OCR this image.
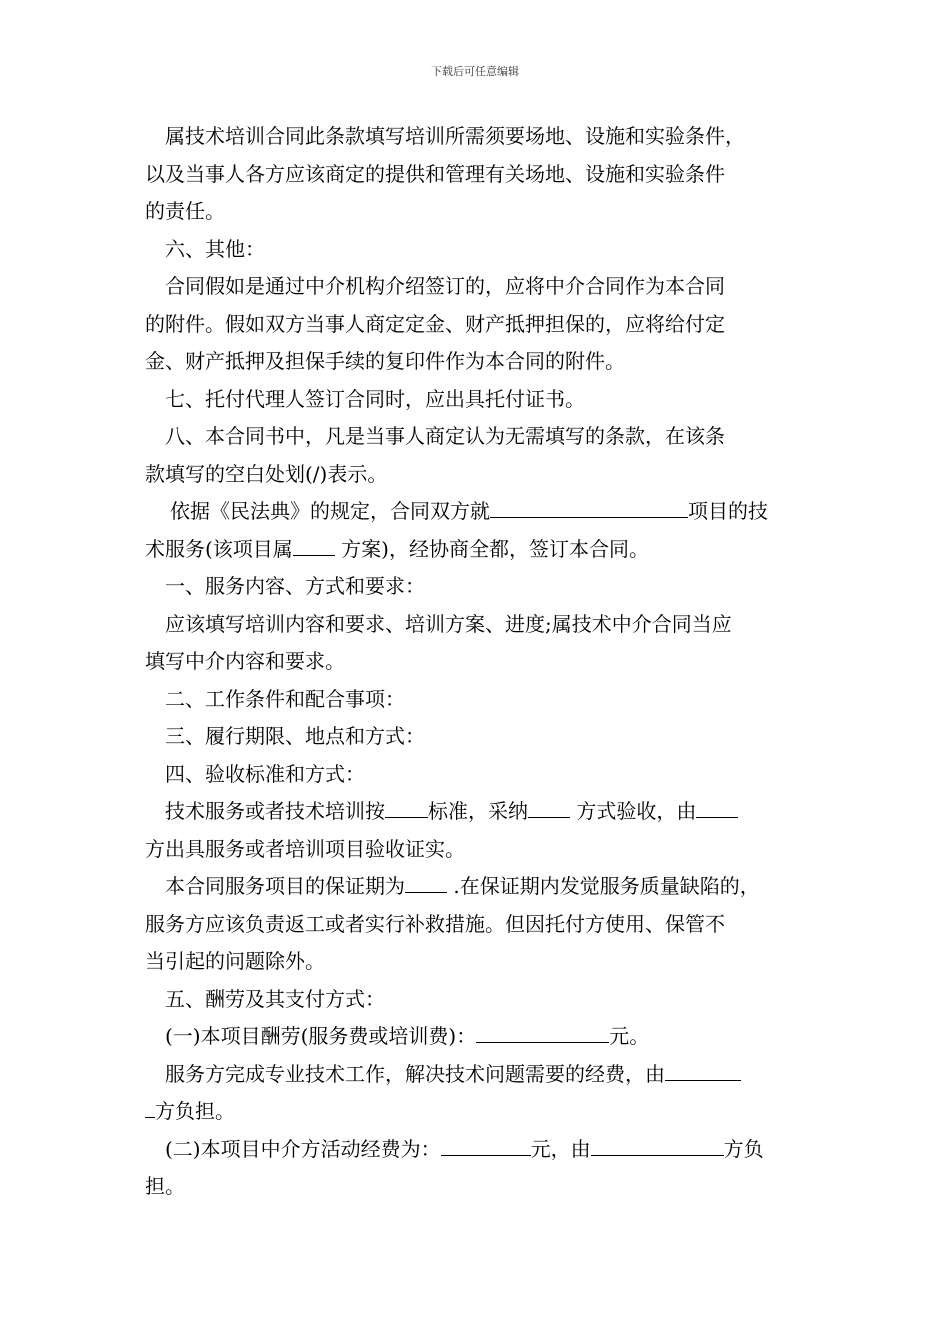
下载后可任意编辑

属技术培训合同此条款填写培训所需须要场地、设施和实验条件，

以及当事人各方应该商定的提供和管理有关场地、设施和实验条件

的责任。

六、其他：

合同假如是通过中介机构介绍签订的，应将中介合同作为本合同

的附件。假如双方当事人商定定金、财产抵押担保的，应将给付定

金、财产抵押及担保手续的复印件作为本合同的附件。

七、托付代理人签订合同时，应出具托付证书。

八、本合同书中，凡是当事人商定认为无需填写的条款，在该条

款填写的空白处划(/)表示。

依据《民法典》的规定，合同双方就	项目的技

术服务(该项目属 方案)，经协商全都，签订本合同。

一、服务内容、方式和要求：

应该填写培训内容和要求、培训方案、进度;属技术中介合同当应

填写中介内容和要求。

二、工作条件和配合事项：

三、履行期限、地点和方式：

四、验收标准和方式：

技术服务或者技术培训按 标准，采纳 方式验收，由

方出具服务或者培训项目验收证实。

本合同服务项目的保证期为 .在保证期内发觉服务质量缺陷的，

服务方应该负责返工或者实行补救措施。但因托付方使用、保管不

当引起的问题除外。

五、酬劳及其支付方式：

(一)本项目酬劳(服务费或培训费)：	元。

服务方完成专业技术工作，解决技术问题需要的经费，由

方负担。

(二)本项目中介方活动经费为：	元，由	方负

担。
